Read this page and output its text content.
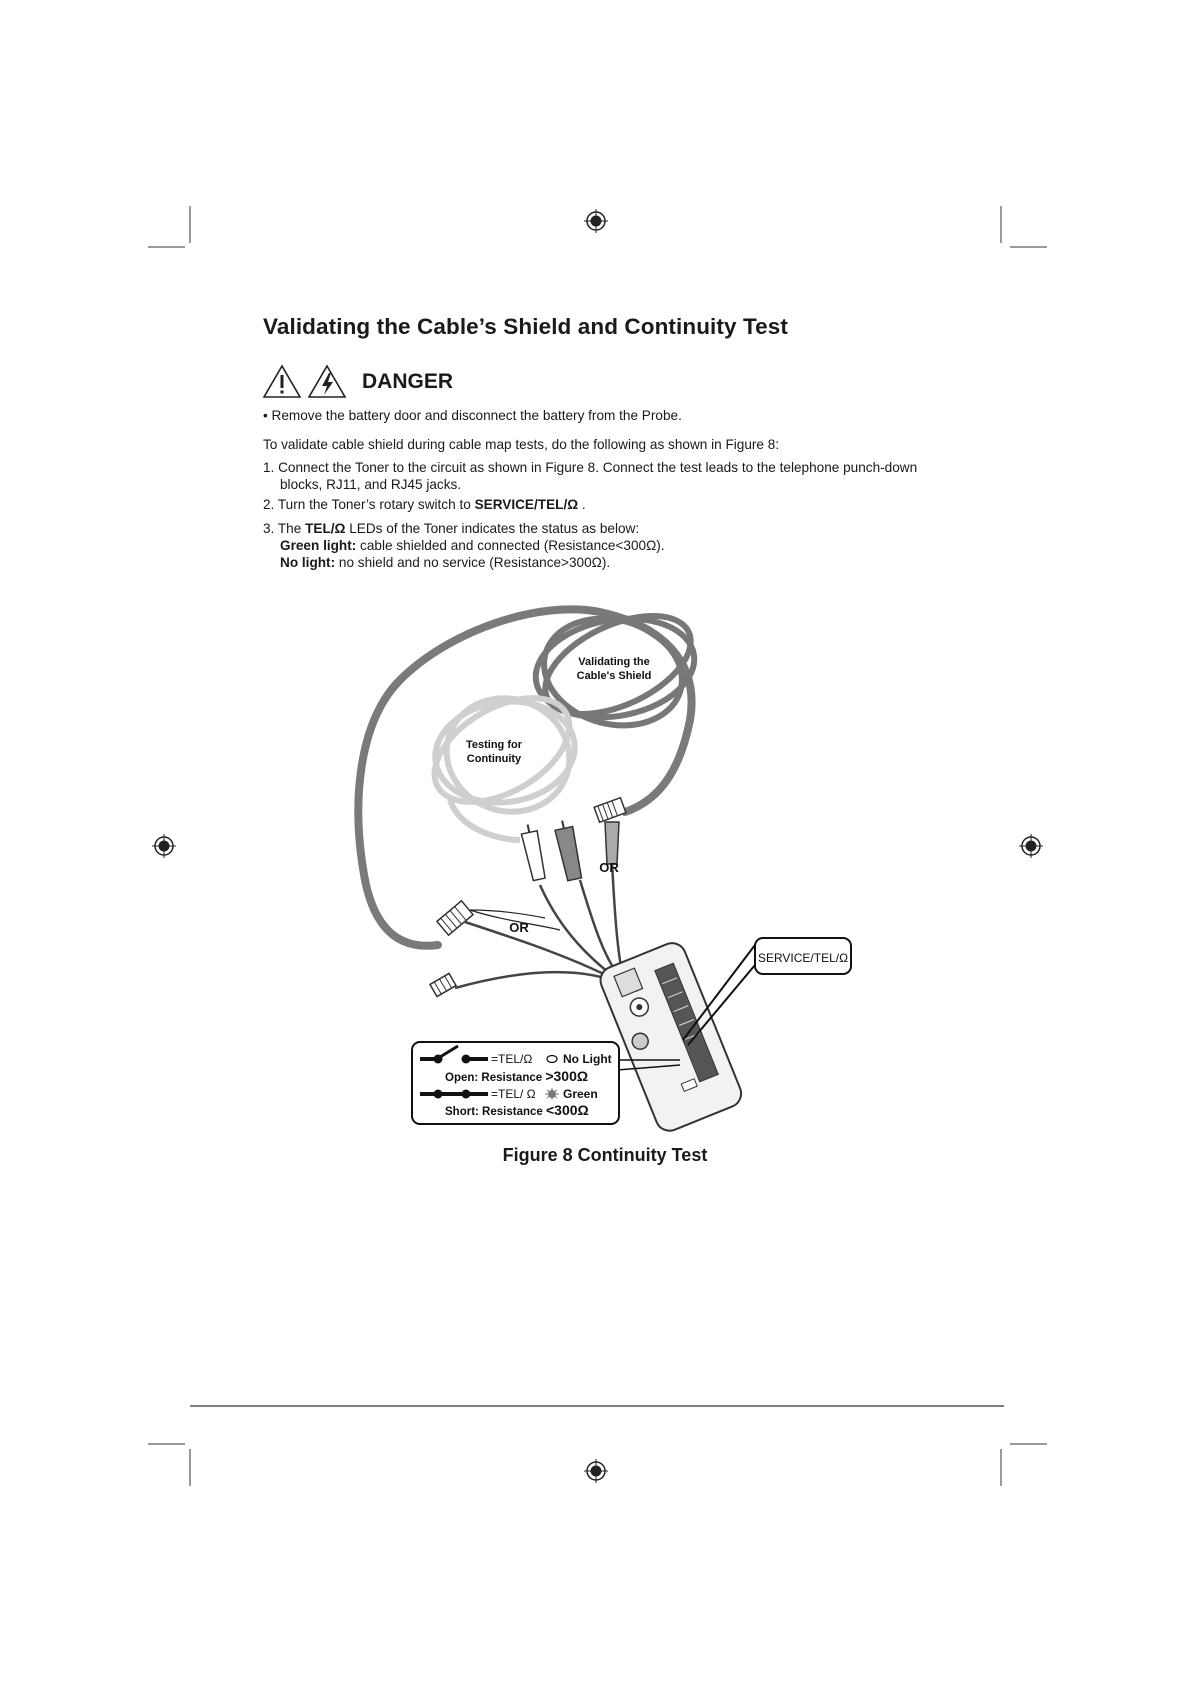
Validating the Cable’s Shield and Continuity Test
DANGER
• Remove the battery door and disconnect the battery from the Probe.
To validate cable shield during cable map tests, do the following as shown in Figure 8:
1. Connect the Toner to the circuit as shown in Figure 8. Connect the test leads to the telephone punch-down
blocks, RJ11, and RJ45 jacks.
2. Turn the Toner’s rotary switch to SERVICE/TEL/Ω .
3. The TEL/Ω LEDs of the Toner indicates the status as below:
Green light: cable shielded and connected (Resistance<300Ω).
No light: no shield and no service (Resistance>300Ω).
Validating the
Cable's Shield
Testing for
Continuity
OR
OR
SERVICE/TEL/Ω
=TEL/Ω	No Light
Open: Resistance >300Ω
=TEL/ Ω Green
Short: Resistance <300Ω
Figure 8 Continuity Test
